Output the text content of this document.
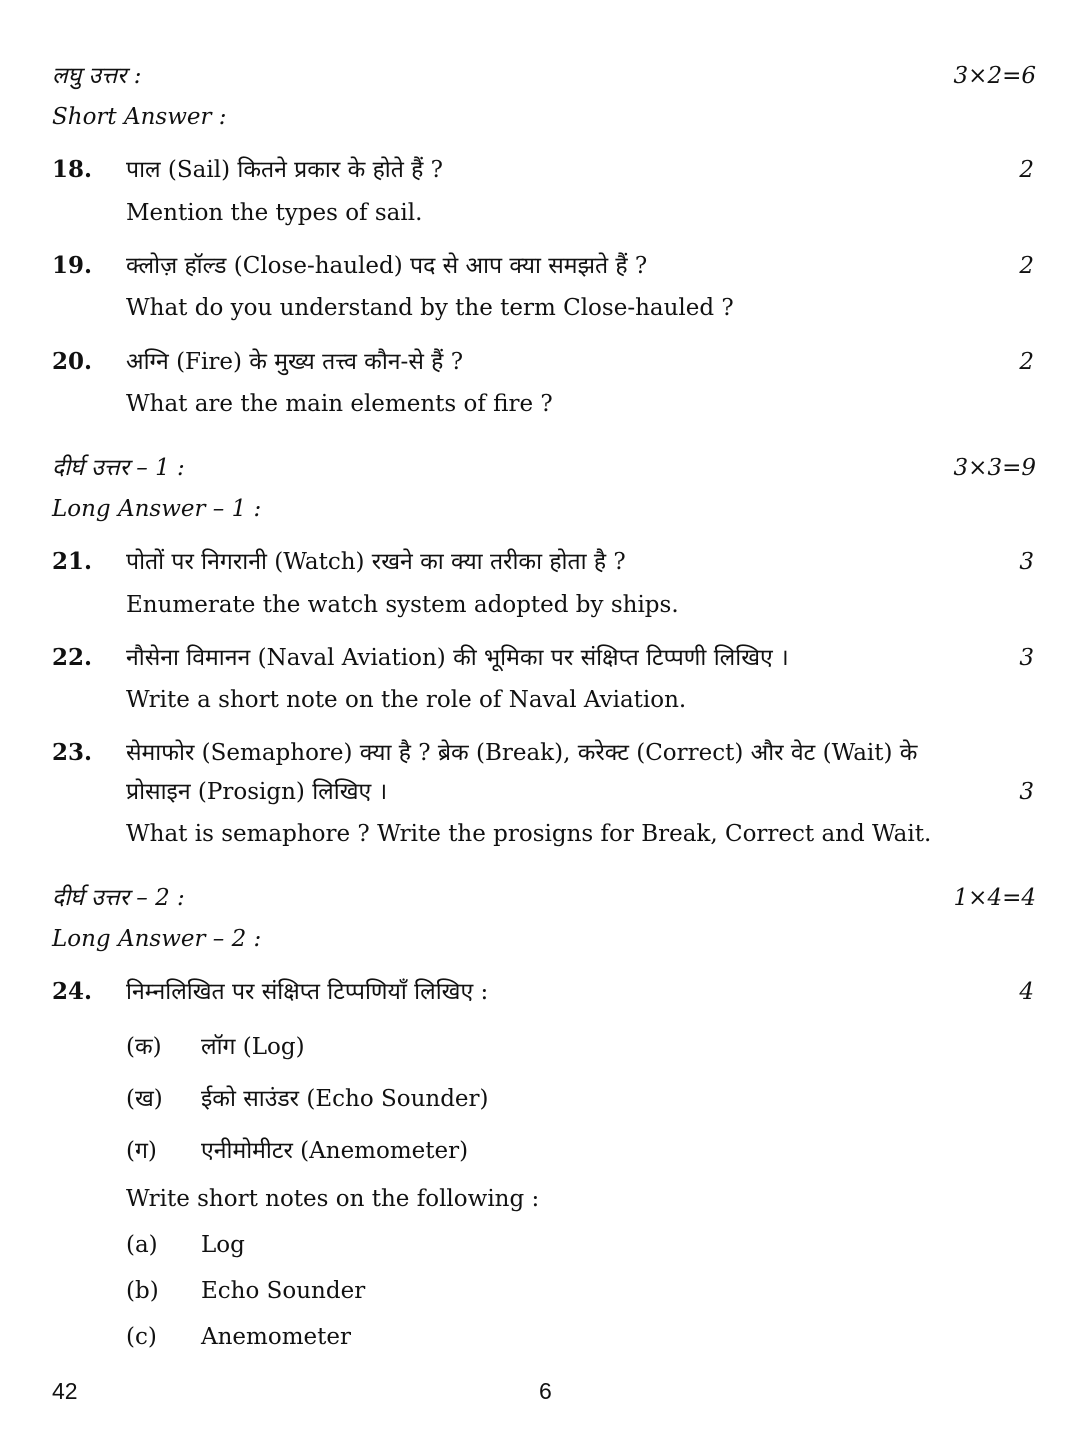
लघु उत्तर :	3×2=6
Short Answer :
18. पाल (Sail) कितने प्रकार के होते हैं ?	2
Mention the types of sail.
19. क्लोज़ हॉल्ड (Close-hauled) पद से आप क्या समझते हैं ?	2
What do you understand by the term Close-hauled ?
20. अग्नि (Fire) के मुख्य तत्त्व कौन-से हैं ?	2
What are the main elements of fire ?
दीर्घ उत्तर – 1 :	3×3=9
Long Answer – 1 :
21. पोतों पर निगरानी (Watch) रखने का क्या तरीका होता है ?	3
Enumerate the watch system adopted by ships.
22. नौसेना विमानन (Naval Aviation) की भूमिका पर संक्षिप्त टिप्पणी लिखिए ।	3
Write a short note on the role of Naval Aviation.
23. सेमाफोर (Semaphore) क्या है ? ब्रेक (Break), करेक्ट (Correct) और वेट (Wait) के
प्रोसाइन (Prosign) लिखिए ।	3
What is semaphore ? Write the prosigns for Break, Correct and Wait.
दीर्घ उत्तर – 2 :	1×4=4
Long Answer – 2 :
24. निम्नलिखित पर संक्षिप्त टिप्पणियाँ लिखिए :	4
(क) लॉग (Log)
(ख) ईको साउंडर (Echo Sounder)
(ग) एनीमोमीटर (Anemometer)
Write short notes on the following :
(a) Log
(b) Echo Sounder
(c) Anemometer
42	6
